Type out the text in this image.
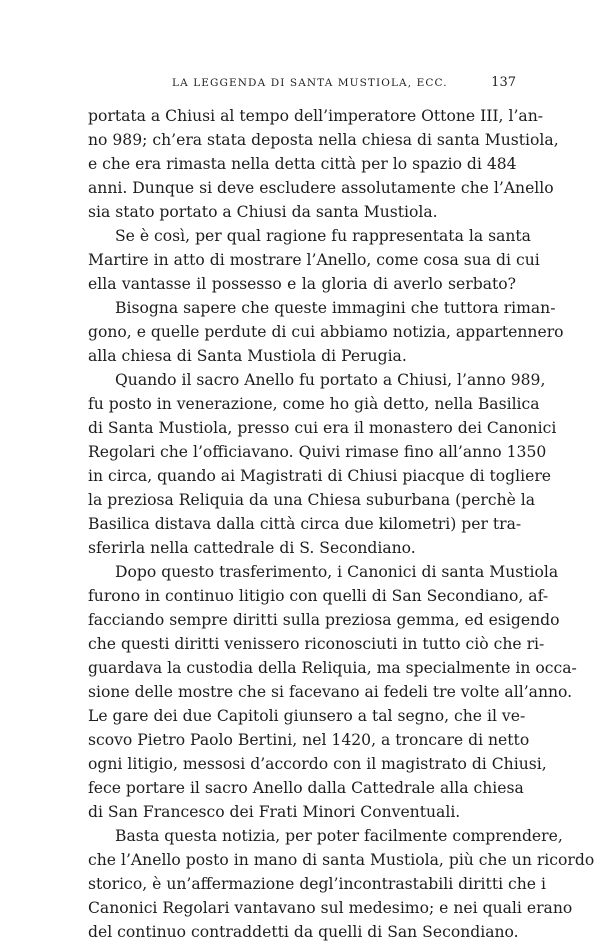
LA LEGGENDA DI SANTA MUSTIOLA, ECC.	137
portata a Chiusi al tempo dell’imperatore Ottone III, l’an-
no 989; ch’era stata deposta nella chiesa di santa Mustiola,
e che era rimasta nella detta città per lo spazio di 484
anni. Dunque si deve escludere assolutamente che l’Anello
sia stato portato a Chiusi da santa Mustiola.
Se è così, per qual ragione fu rappresentata la santa
Martire in atto di mostrare l’Anello, come cosa sua di cui
ella vantasse il possesso e la gloria di averlo serbato?
Bisogna sapere che queste immagini che tuttora riman-
gono, e quelle perdute di cui abbiamo notizia, appartennero
alla chiesa di Santa Mustiola di Perugia.
Quando il sacro Anello fu portato a Chiusi, l’anno 989,
fu posto in venerazione, come ho già detto, nella Basilica
di Santa Mustiola, presso cui era il monastero dei Canonici
Regolari che l’officiavano. Quivi rimase fino all’anno 1350
in circa, quando ai Magistrati di Chiusi piacque di togliere
la preziosa Reliquia da una Chiesa suburbana (perchè la
Basilica distava dalla città circa due kilometri) per tra-
sferirla nella cattedrale di S. Secondiano.
Dopo questo trasferimento, i Canonici di santa Mustiola
furono in continuo litigio con quelli di San Secondiano, af-
facciando sempre diritti sulla preziosa gemma, ed esigendo
che questi diritti venissero riconosciuti in tutto ciò che ri-
guardava la custodia della Reliquia, ma specialmente in occa-
sione delle mostre che si facevano ai fedeli tre volte all’anno.
Le gare dei due Capitoli giunsero a tal segno, che il ve-
scovo Pietro Paolo Bertini, nel 1420, a troncare di netto
ogni litigio, messosi d’accordo con il magistrato di Chiusi,
fece portare il sacro Anello dalla Cattedrale alla chiesa
di San Francesco dei Frati Minori Conventuali.
Basta questa notizia, per poter facilmente comprendere,
che l’Anello posto in mano di santa Mustiola, più che un ricordo
storico, è un’affermazione degl’incontrastabili diritti che i
Canonici Regolari vantavano sul medesimo; e nei quali erano
del continuo contraddetti da quelli di San Secondiano.
